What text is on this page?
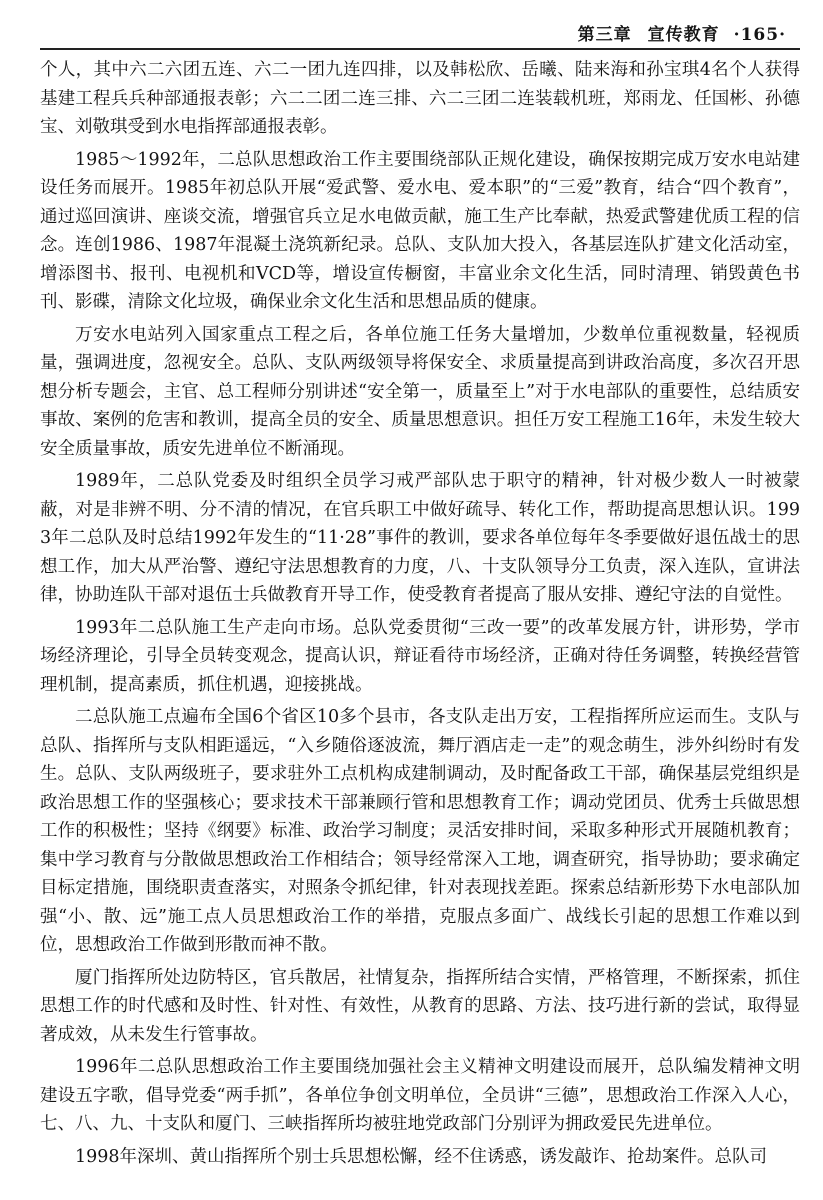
第三章 宣传教育 ·165·

个人，其中六二六团五连、六二一团九连四排，以及韩松欣、岳曦、陆来海和孙宝琪4名个人获得基建工程兵兵种部通报表彰；六二二团二连三排、六二三团二连装载机班，郑雨龙、任国彬、孙德宝、刘敬琪受到水电指挥部通报表彰。

1985～1992年，二总队思想政治工作主要围绕部队正规化建设，确保按期完成万安水电站建设任务而展开。1985年初总队开展“爱武警、爱水电、爱本职”的“三爱”教育，结合“四个教育”，通过巡回演讲、座谈交流，增强官兵立足水电做贡献，施工生产比奉献，热爱武警建优质工程的信念。连创1986、1987年混凝土浇筑新纪录。总队、支队加大投入，各基层连队扩建文化活动室，增添图书、报刊、电视机和VCD等，增设宣传橱窗，丰富业余文化生活，同时清理、销毁黄色书刊、影碟，清除文化垃圾，确保业余文化生活和思想品质的健康。

万安水电站列入国家重点工程之后，各单位施工任务大量增加，少数单位重视数量，轻视质量，强调进度，忽视安全。总队、支队两级领导将保安全、求质量提高到讲政治高度，多次召开思想分析专题会，主官、总工程师分别讲述“安全第一，质量至上”对于水电部队的重要性，总结质安事故、案例的危害和教训，提高全员的安全、质量思想意识。担任万安工程施工16年，未发生较大安全质量事故，质安先进单位不断涌现。

1989年，二总队党委及时组织全员学习戒严部队忠于职守的精神，针对极少数人一时被蒙蔽，对是非辨不明、分不清的情况，在官兵职工中做好疏导、转化工作，帮助提高思想认识。1993年二总队及时总结1992年发生的“11·28”事件的教训，要求各单位每年冬季要做好退伍战士的思想工作，加大从严治警、遵纪守法思想教育的力度，八、十支队领导分工负责，深入连队，宣讲法律，协助连队干部对退伍士兵做教育开导工作，使受教育者提高了服从安排、遵纪守法的自觉性。

1993年二总队施工生产走向市场。总队党委贯彻“三改一要”的改革发展方针，讲形势，学市场经济理论，引导全员转变观念，提高认识，辩证看待市场经济，正确对待任务调整，转换经营管理机制，提高素质，抓住机遇，迎接挑战。

二总队施工点遍布全国6个省区10多个县市，各支队走出万安，工程指挥所应运而生。支队与总队、指挥所与支队相距遥远，“入乡随俗逐波流，舞厅酒店走一走”的观念萌生，涉外纠纷时有发生。总队、支队两级班子，要求驻外工点机构成建制调动，及时配备政工干部，确保基层党组织是政治思想工作的坚强核心；要求技术干部兼顾行管和思想教育工作；调动党团员、优秀士兵做思想工作的积极性；坚持《纲要》标准、政治学习制度；灵活安排时间，采取多种形式开展随机教育；集中学习教育与分散做思想政治工作相结合；领导经常深入工地，调查研究，指导协助；要求确定目标定措施，围绕职责查落实，对照条令抓纪律，针对表现找差距。探索总结新形势下水电部队加强“小、散、远”施工点人员思想政治工作的举措，克服点多面广、战线长引起的思想工作难以到位，思想政治工作做到形散而神不散。

厦门指挥所处边防特区，官兵散居，社情复杂，指挥所结合实情，严格管理，不断探索，抓住思想工作的时代感和及时性、针对性、有效性，从教育的思路、方法、技巧进行新的尝试，取得显著成效，从未发生行管事故。

1996年二总队思想政治工作主要围绕加强社会主义精神文明建设而展开，总队编发精神文明建设五字歌，倡导党委“两手抓”，各单位争创文明单位，全员讲“三德”，思想政治工作深入人心，七、八、九、十支队和厦门、三峡指挥所均被驻地党政部门分别评为拥政爱民先进单位。

1998年深圳、黄山指挥所个别士兵思想松懈，经不住诱惑，诱发敲诈、抢劫案件。总队司
